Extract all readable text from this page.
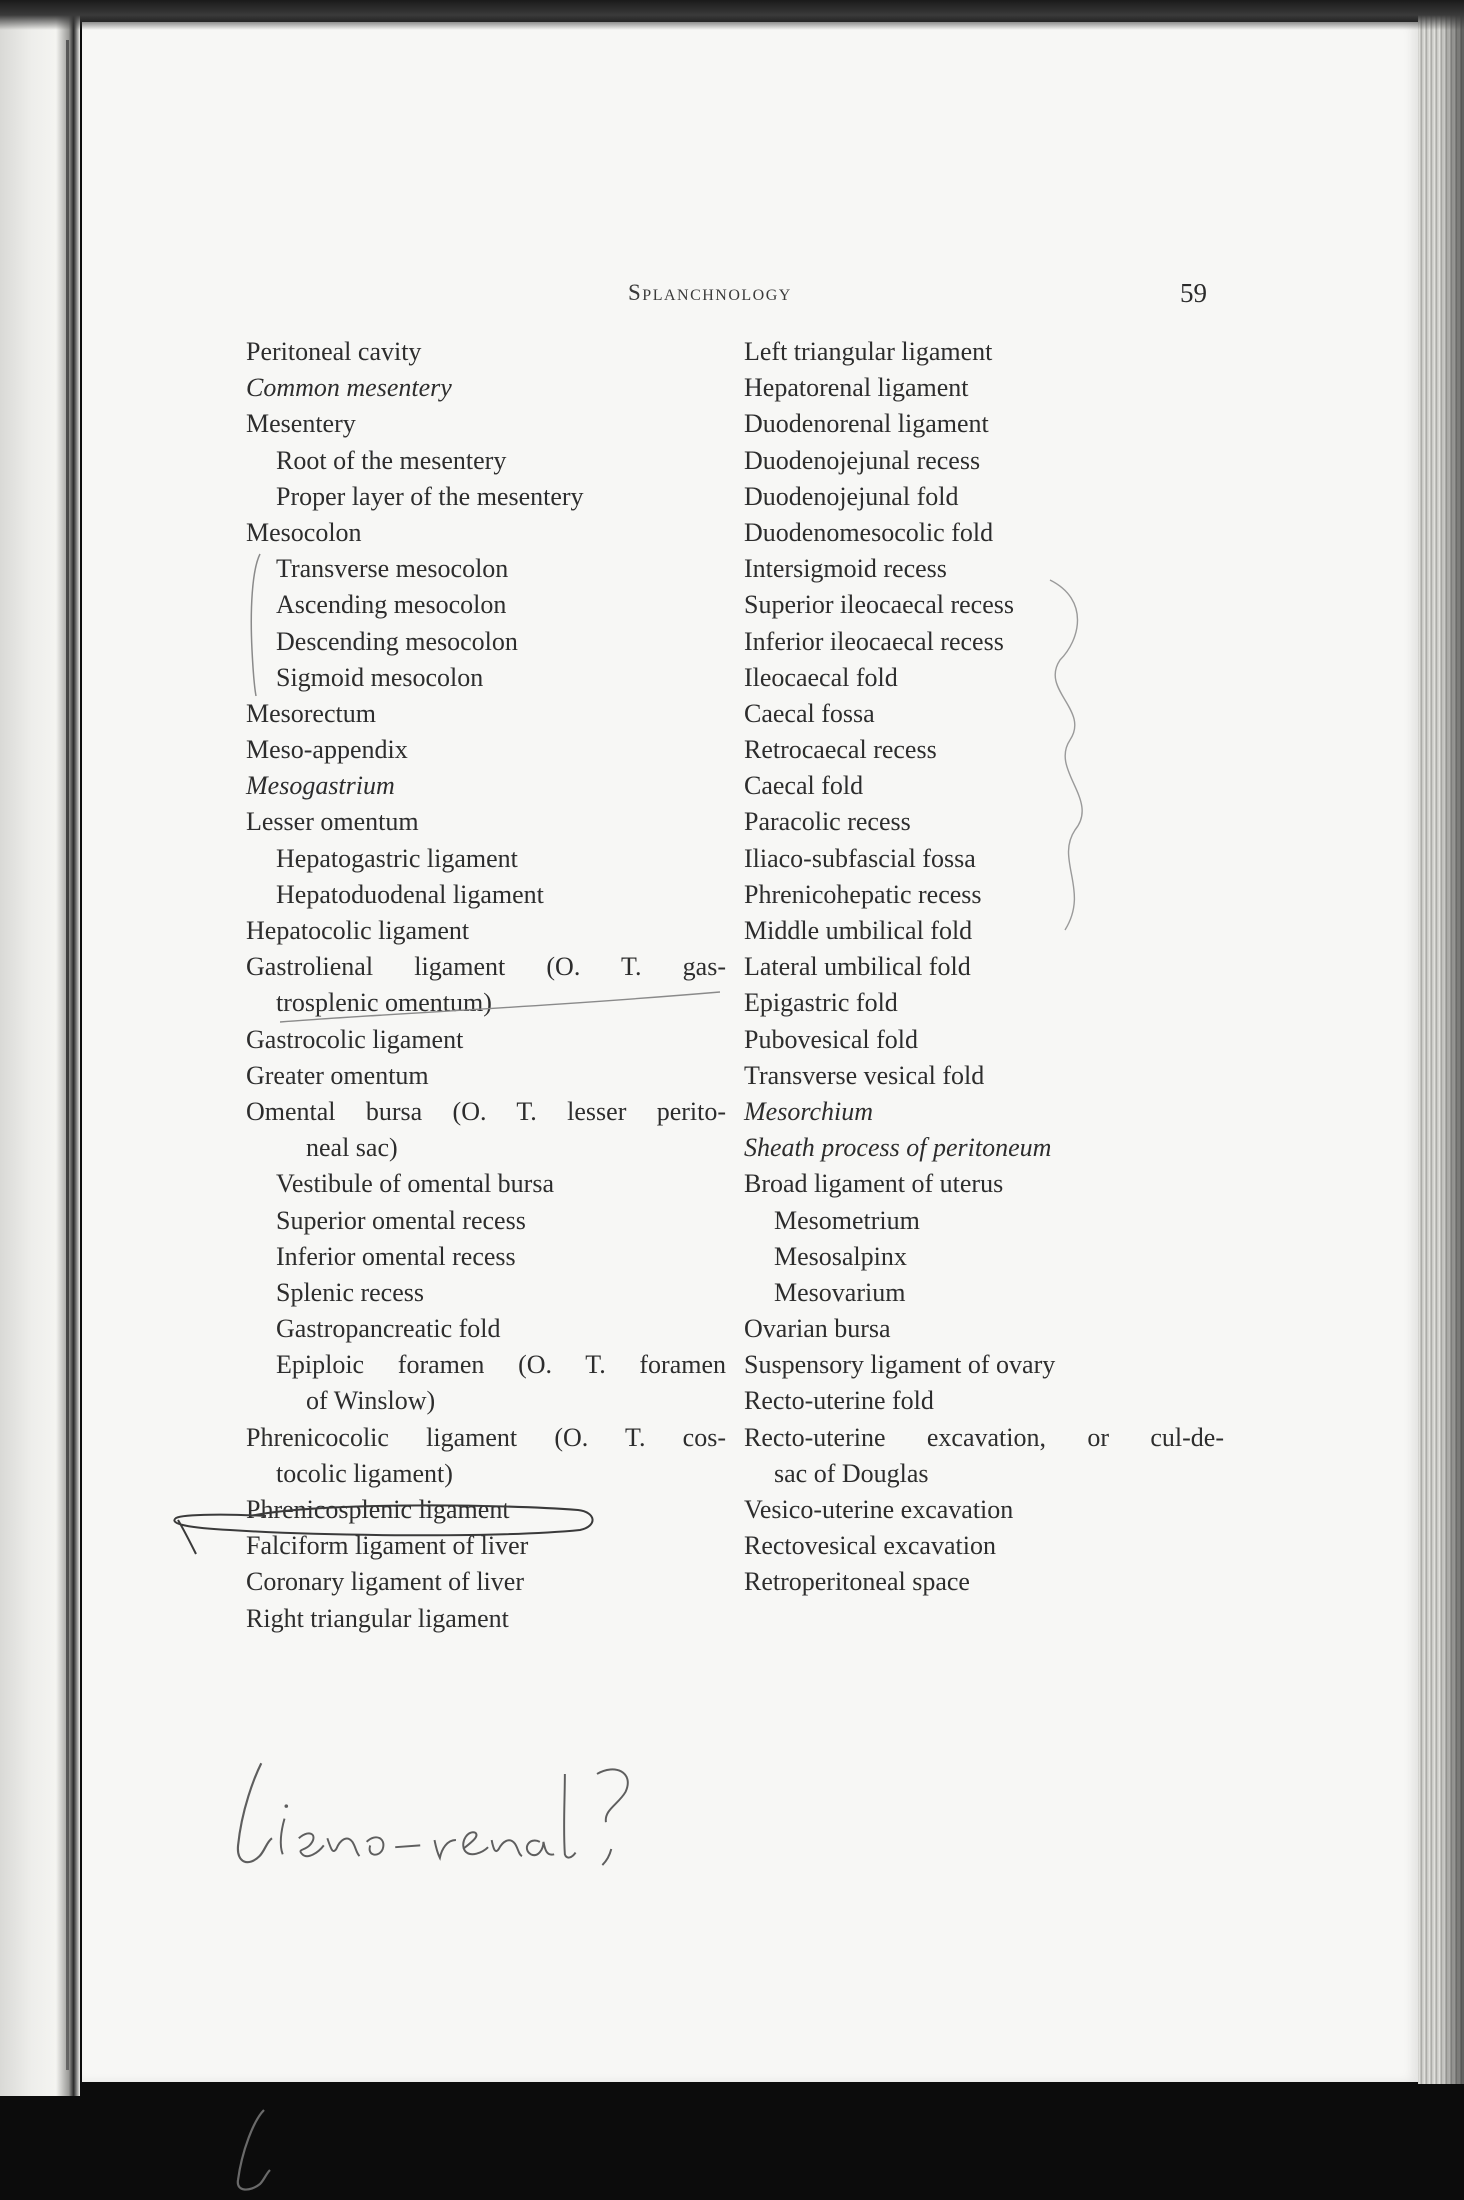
Splanchnology	59
Peritoneal cavity
Common mesentery
Mesentery
Root of the mesentery
Proper layer of the mesentery
Mesocolon
Transverse mesocolon
Ascending mesocolon
Descending mesocolon
Sigmoid mesocolon
Mesorectum
Meso-appendix
Mesogastrium
Lesser omentum
Hepatogastric ligament
Hepatoduodenal ligament
Hepatocolic ligament
Gastrolienal ligament (O. T. gas-
trosplenic omentum)
Gastrocolic ligament
Greater omentum
Omental bursa (O. T. lesser perito-
neal sac)
Vestibule of omental bursa
Superior omental recess
Inferior omental recess
Splenic recess
Gastropancreatic fold
Epiploic foramen (O. T. foramen
of Winslow)
Phrenicocolic ligament (O. T. cos-
tocolic ligament)
Phrenicosplenic ligament
Falciform ligament of liver
Coronary ligament of liver
Right triangular ligament
Left triangular ligament
Hepatorenal ligament
Duodenorenal ligament
Duodenojejunal recess
Duodenojejunal fold
Duodenomesocolic fold
Intersigmoid recess
Superior ileocaecal recess
Inferior ileocaecal recess
Ileocaecal fold
Caecal fossa
Retrocaecal recess
Caecal fold
Paracolic recess
Iliaco-subfascial fossa
Phrenicohepatic recess
Middle umbilical fold
Lateral umbilical fold
Epigastric fold
Pubovesical fold
Transverse vesical fold
Mesorchium
Sheath process of peritoneum
Broad ligament of uterus
Mesometrium
Mesosalpinx
Mesovarium
Ovarian bursa
Suspensory ligament of ovary
Recto-uterine fold
Recto-uterine excavation, or cul-de-
sac of Douglas
Vesico-uterine excavation
Rectovesical excavation
Retroperitoneal space
